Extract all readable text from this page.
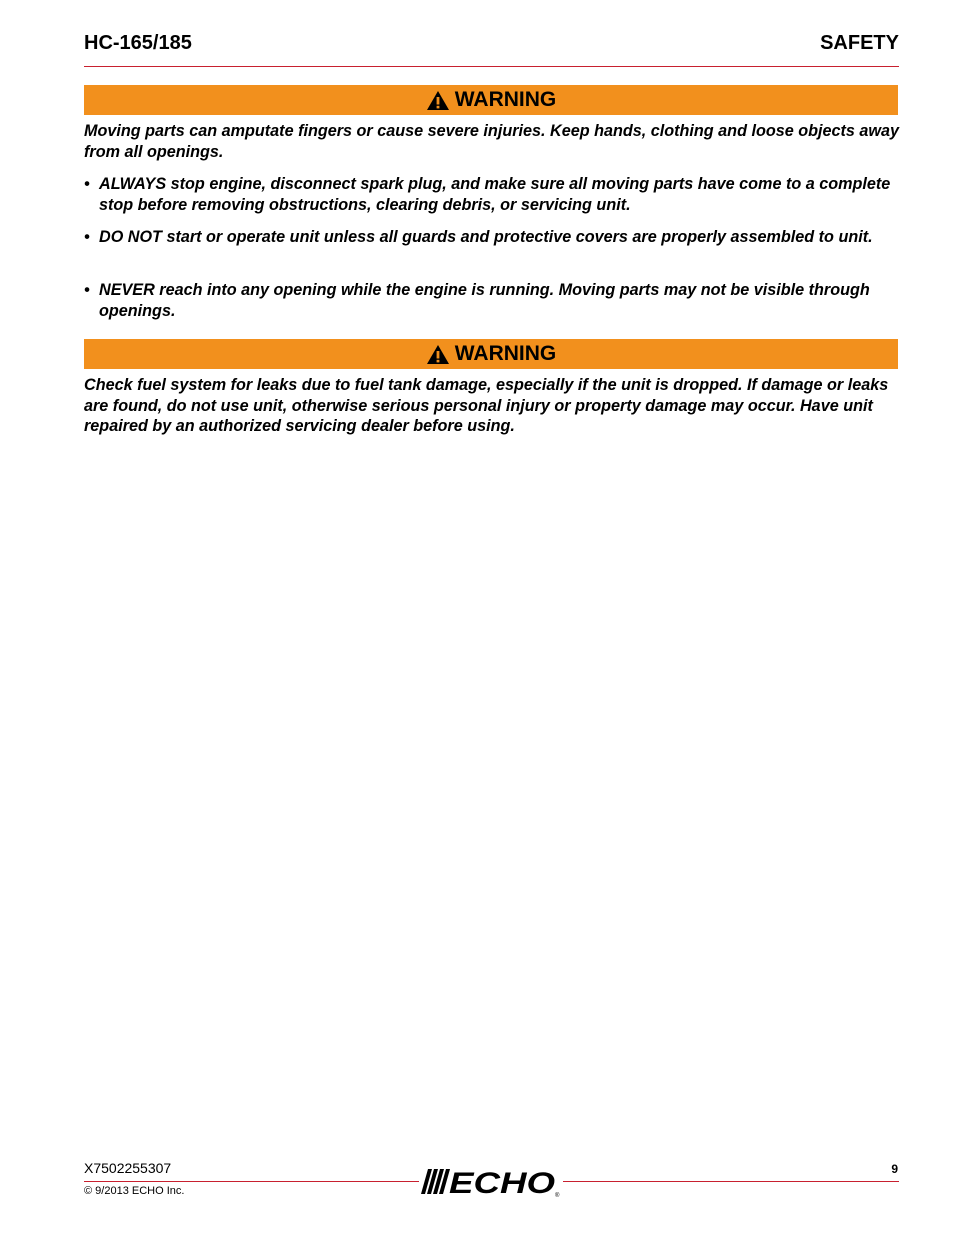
HC-165/185	SAFETY
WARNING
Moving parts can amputate fingers or cause severe injuries. Keep hands, clothing and loose objects away from all openings.
• ALWAYS stop engine, disconnect spark plug, and make sure all moving parts have come to a complete stop before removing obstructions, clearing debris, or servicing unit.
• DO NOT start or operate unit unless all guards and protective covers are properly assembled to unit.
• NEVER reach into any opening while the engine is running. Moving parts may not be visible through openings.
WARNING
Check fuel system for leaks due to fuel tank damage, especially if the unit is dropped. If damage or leaks are found, do not use unit, otherwise serious personal injury or property damage may occur. Have unit repaired by an authorized servicing dealer before using.
X7502255307
© 9/2013 ECHO Inc.
9
ECHO ®
